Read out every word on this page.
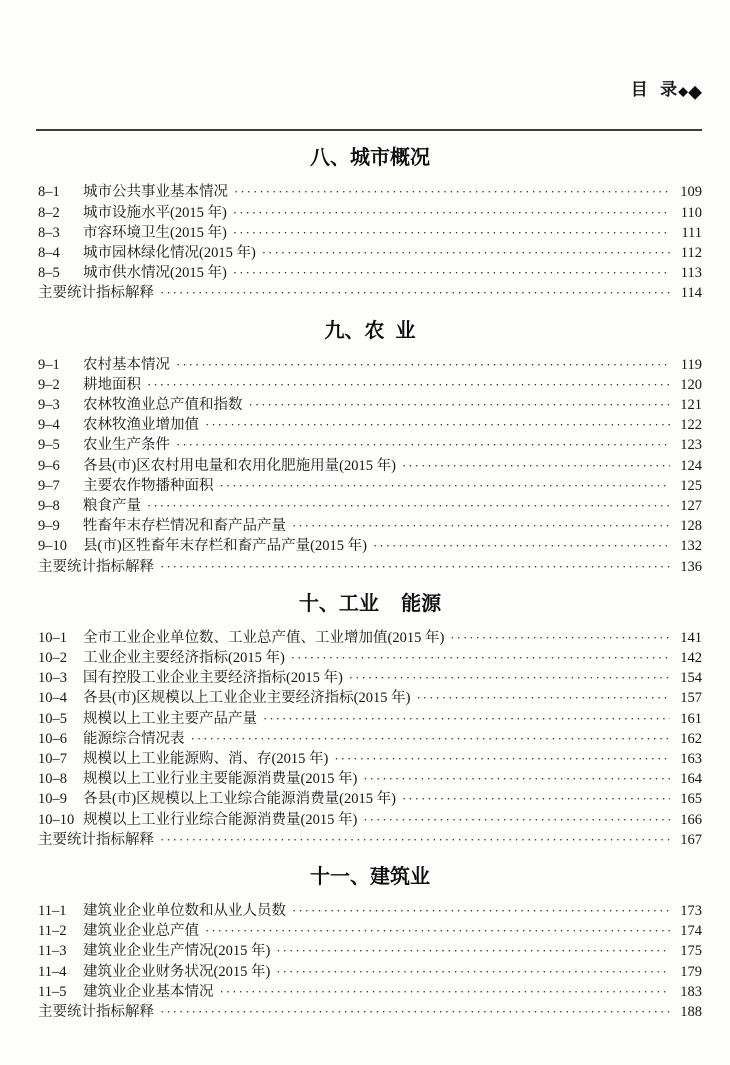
目  录◆◆

八、城市概况
8–1	城市公共事业基本情况 ·····	109
8–2	城市设施水平(2015 年) ·····	110
8–3	市容环境卫生(2015 年) ·····	111
8–4	城市园林绿化情况(2015 年) ·····	112
8–5	城市供水情况(2015 年) ·····	113
主要统计指标解释 ·····	114
九、农  业
9–1	农村基本情况 ·····	119
9–2	耕地面积 ·····	120
9–3	农林牧渔业总产值和指数 ·····	121
9–4	农林牧渔业增加值 ·····	122
9–5	农业生产条件 ·····	123
9–6	各县(市)区农村用电量和农用化肥施用量(2015 年) ·····	124
9–7	主要农作物播种面积 ·····	125
9–8	粮食产量 ·····	127
9–9	牲畜年末存栏情况和畜产品产量 ·····	128
9–10	县(市)区牲畜年末存栏和畜产品产量(2015 年) ·····	132
主要统计指标解释 ·····	136
十、工业    能源
10–1	全市工业企业单位数、工业总产值、工业增加值(2015 年) ·····	141
10–2	工业企业主要经济指标(2015 年) ·····	142
10–3	国有控股工业企业主要经济指标(2015 年) ·····	154
10–4	各县(市)区规模以上工业企业主要经济指标(2015 年) ·····	157
10–5	规模以上工业主要产品产量 ·····	161
10–6	能源综合情况表 ·····	162
10–7	规模以上工业能源购、消、存(2015 年) ·····	163
10–8	规模以上工业行业主要能源消费量(2015 年) ·····	164
10–9	各县(市)区规模以上工业综合能源消费量(2015 年) ·····	165
10–10 规模以上工业行业综合能源消费量(2015 年) ·····	166
主要统计指标解释 ·····	167
十一、建筑业
11–1	建筑业企业单位数和从业人员数 ·····	173
11–2	建筑业企业总产值 ·····	174
11–3	建筑业企业生产情况(2015 年) ·····	175
11–4	建筑业企业财务状况(2015 年) ·····	179
11–5	建筑业企业基本情况 ·····	183
主要统计指标解释 ·····	188
